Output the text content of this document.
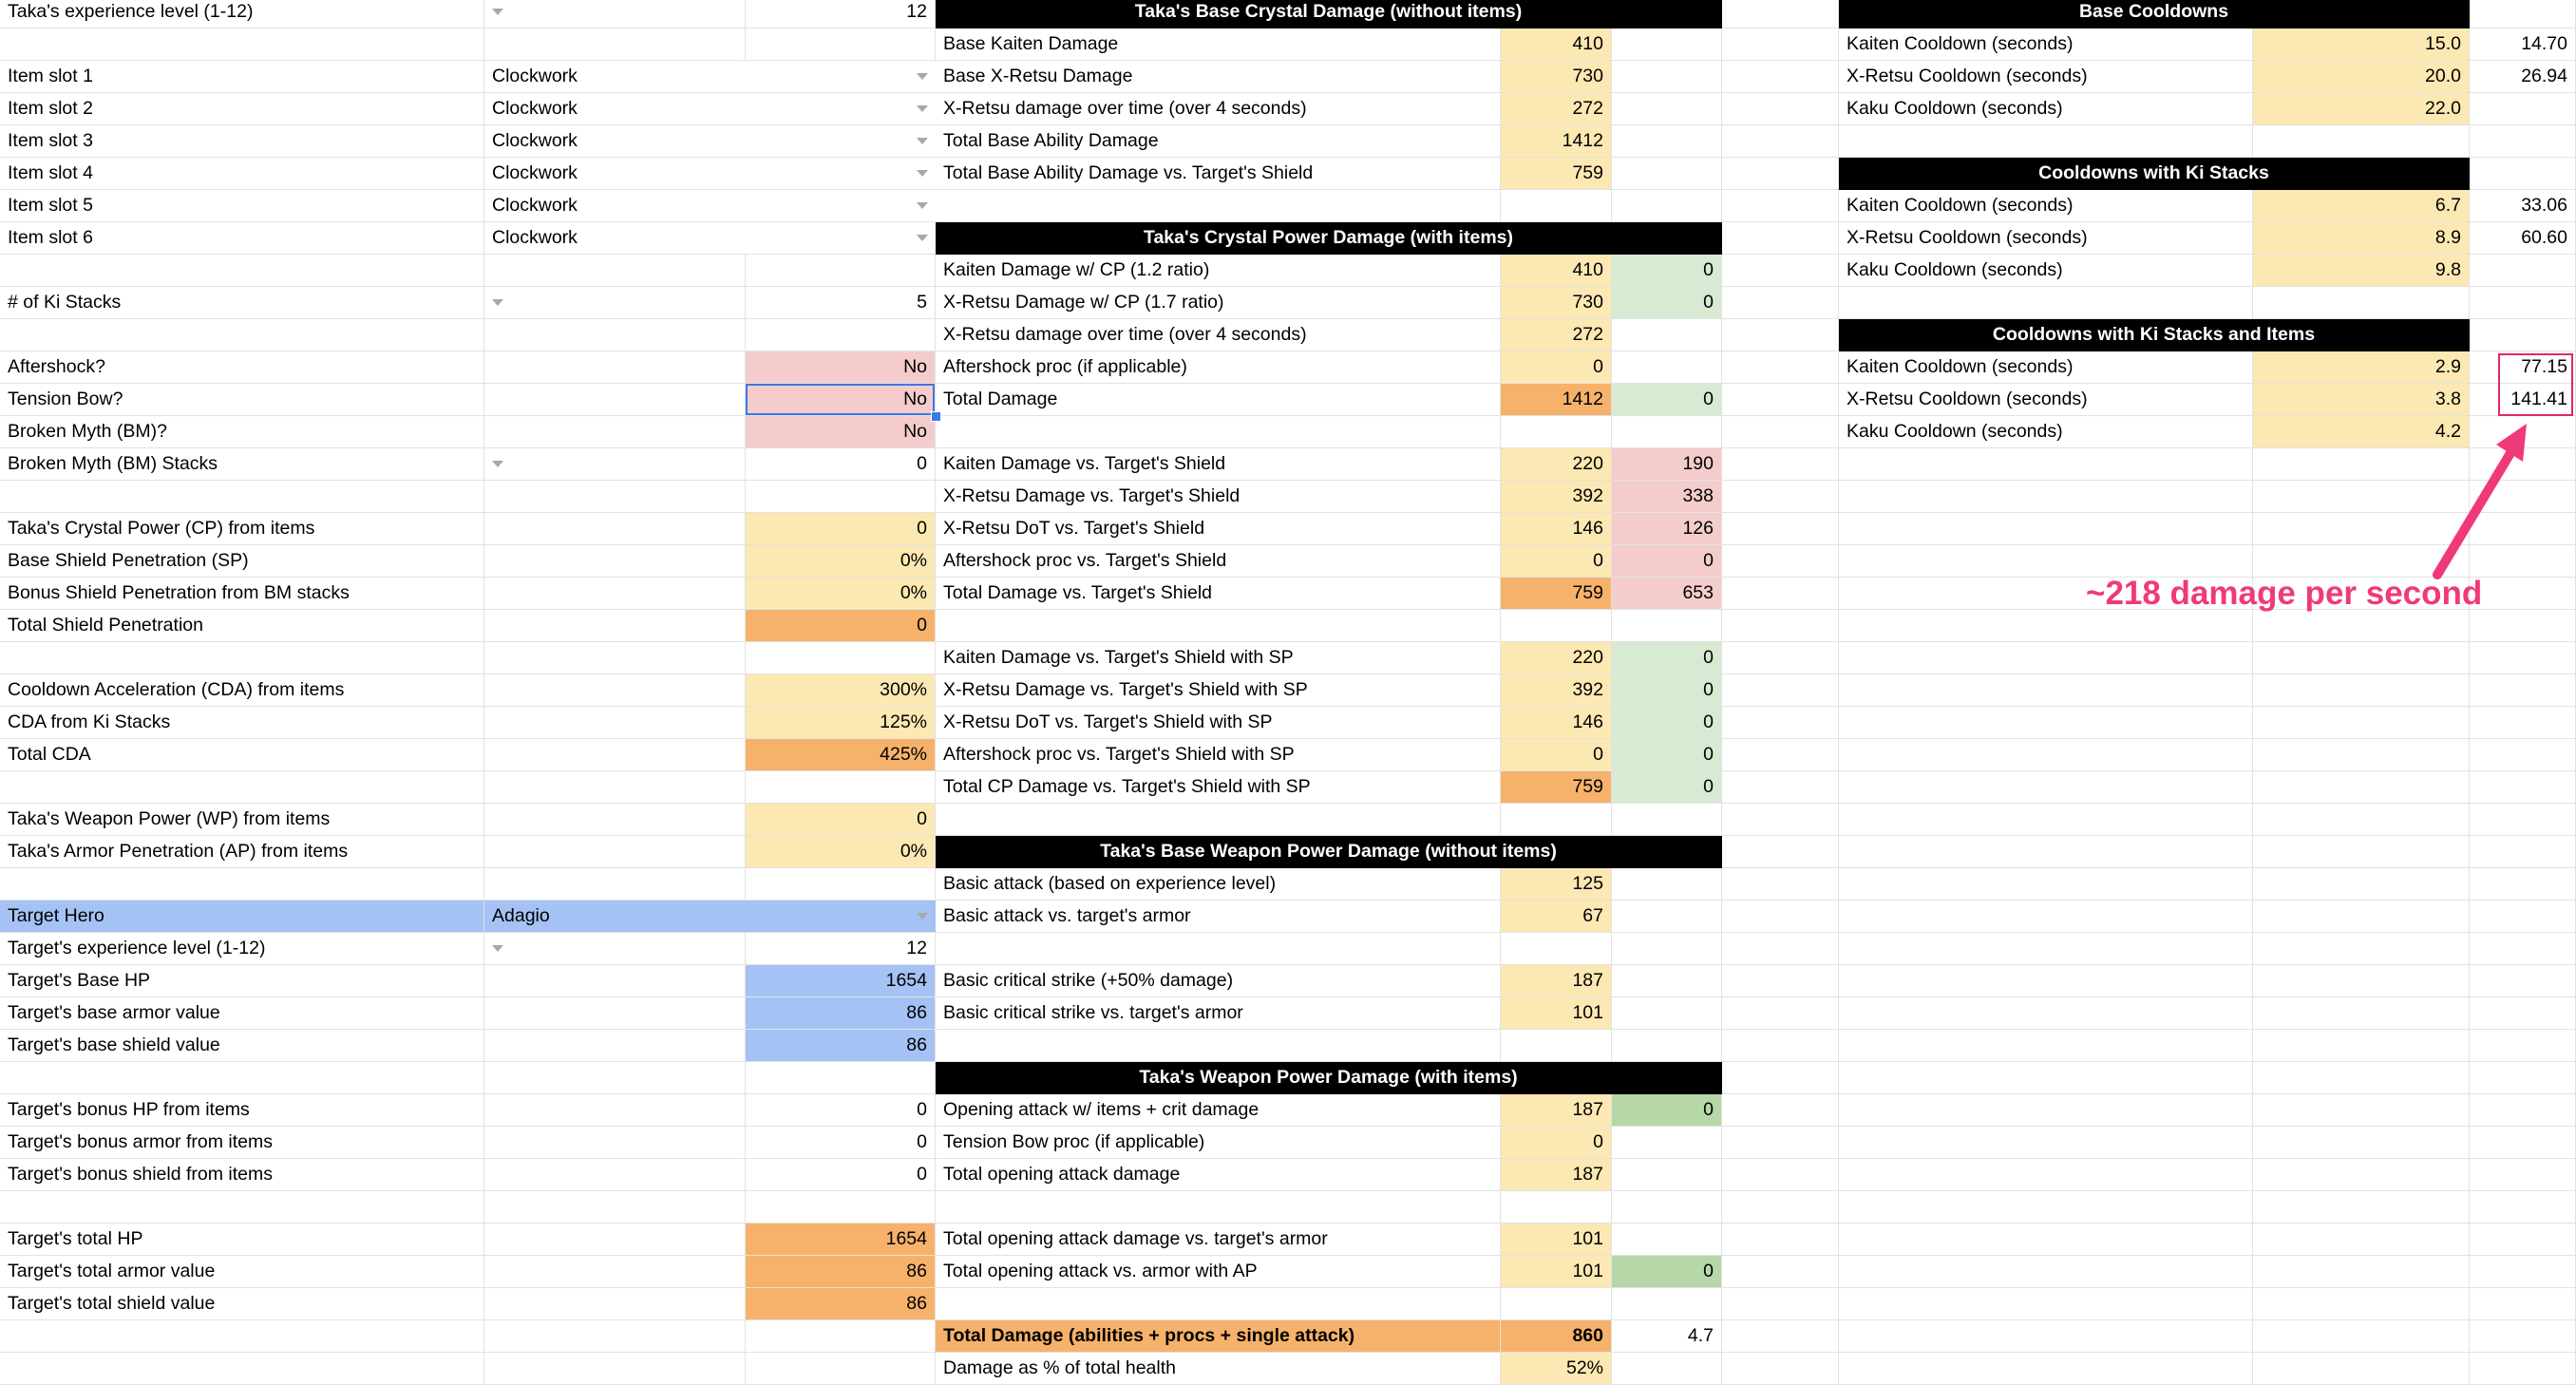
Taka's experience level (1-12)	12
Item slot 1	Clockwork
Item slot 2	Clockwork
Item slot 3	Clockwork
Item slot 4	Clockwork
Item slot 5	Clockwork
Item slot 6	Clockwork
# of Ki Stacks	5
Aftershock?	No
Tension Bow?	No
Broken Myth (BM)?	No
Broken Myth (BM) Stacks	0
Taka's Crystal Power (CP) from items	0
Base Shield Penetration (SP)	0%
Bonus Shield Penetration from BM stacks	0%
Total Shield Penetration	0
Cooldown Acceleration (CDA) from items	300%
CDA from Ki Stacks	125%
Total CDA	425%
Taka's Weapon Power (WP) from items	0
Taka's Armor Penetration (AP) from items	0%
Target Hero	Adagio
Target's experience level (1-12)	12
Target's Base HP	1654
Target's base armor value	86
Target's base shield value	86
Target's bonus HP from items	0
Target's bonus armor from items	0
Target's bonus shield from items	0
Target's total HP	1654
Target's total armor value	86
Target's total shield value	86
Taka's Base Crystal Damage (without items)
Base Kaiten Damage	410
Base X-Retsu Damage	730
X-Retsu damage over time (over 4 seconds)	272
Total Base Ability Damage	1412
Total Base Ability Damage vs. Target's Shield	759
Taka's Crystal Power Damage (with items)
Kaiten Damage w/ CP (1.2 ratio)	410	0
X-Retsu Damage w/ CP (1.7 ratio)	730	0
X-Retsu damage over time (over 4 seconds)	272
Aftershock proc (if applicable)	0
Total Damage	1412	0
Kaiten Damage vs. Target's Shield	220	190
X-Retsu Damage vs. Target's Shield	392	338
X-Retsu DoT vs. Target's Shield	146	126
Aftershock proc vs. Target's Shield	0	0
Total Damage vs. Target's Shield	759	653
Kaiten Damage vs. Target's Shield with SP	220	0
X-Retsu Damage vs. Target's Shield with SP	392	0
X-Retsu DoT vs. Target's Shield with SP	146	0
Aftershock proc vs. Target's Shield with SP	0	0
Total CP Damage vs. Target's Shield with SP	759	0
Taka's Base Weapon Power Damage (without items)
Basic attack (based on experience level)	125
Basic attack vs. target's armor	67
Basic critical strike (+50% damage)	187
Basic critical strike vs. target's armor	101
Taka's Weapon Power Damage (with items)
Opening attack w/ items + crit damage	187	0
Tension Bow proc (if applicable)	0
Total opening attack damage	187
Total opening attack damage vs. target's armor	101
Total opening attack vs. armor with AP	101	0
Total Damage (abilities + procs + single attack)	860	4.7
Damage as % of total health	52%
Base Cooldowns
Kaiten Cooldown (seconds)	15.0	14.70
X-Retsu Cooldown (seconds)	20.0	26.94
Kaku Cooldown (seconds)	22.0
Cooldowns with Ki Stacks
Kaiten Cooldown (seconds)	6.7	33.06
X-Retsu Cooldown (seconds)	8.9	60.60
Kaku Cooldown (seconds)	9.8
Cooldowns with Ki Stacks and Items
Kaiten Cooldown (seconds)	2.9	77.15
X-Retsu Cooldown (seconds)	3.8	141.41
Kaku Cooldown (seconds)	4.2
~218 damage per second
